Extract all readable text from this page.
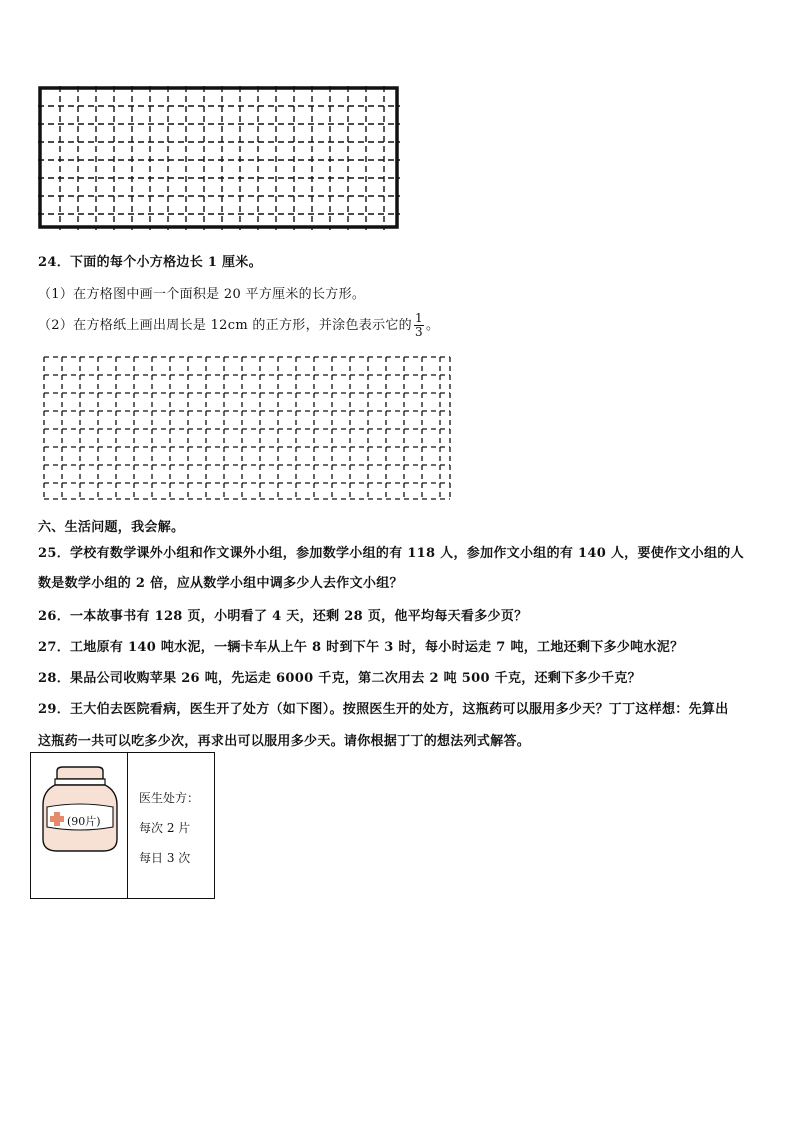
24．下面的每个小方格边长 1 厘米。
（1）在方格图中画一个面积是 20 平方厘米的长方形。
（2）在方格纸上画出周长是 12cm 的正方形，并涂色表示它的 $\frac{1}{3}$ 。
六、生活问题，我会解。
25．学校有数学课外小组和作文课外小组，参加数学小组的有 118 人，参加作文小组的有 140 人，要使作文小组的人
数是数学小组的 2 倍，应从数学小组中调多少人去作文小组？
26．一本故事书有 128 页，小明看了 4 天，还剩 28 页，他平均每天看多少页？
27．工地原有 140 吨水泥，一辆卡车从上午 8 时到下午 3 时，每小时运走 7 吨，工地还剩下多少吨水泥？
28．果品公司收购苹果 26 吨，先运走 6000 千克，第二次用去 2 吨 500 千克，还剩下多少千克？
29．王大伯去医院看病，医生开了处方（如下图）。按照医生开的处方，这瓶药可以服用多少天？丁丁这样想：先算出
这瓶药一共可以吃多少次，再求出可以服用多少天。请你根据丁丁的想法列式解答。
(90片)
医生处方：
每次 2 片
每日 3 次
